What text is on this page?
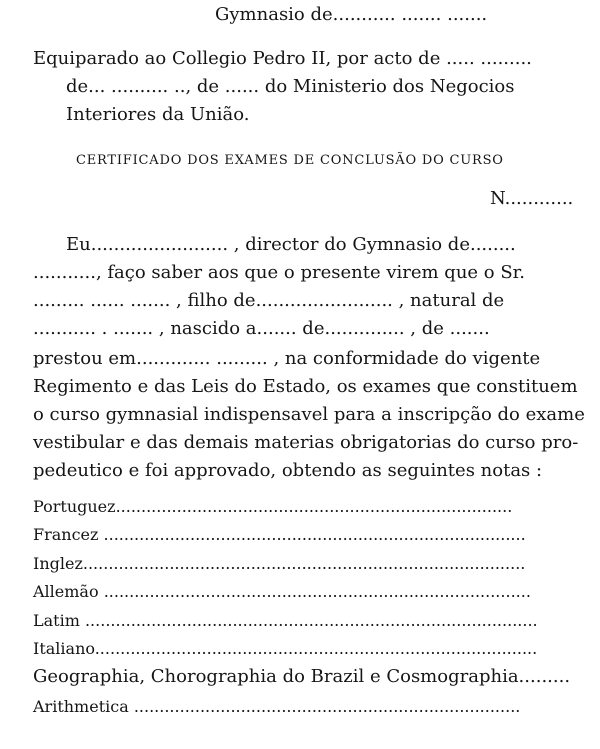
Gymnasio de........... ....... .......

Equiparado ao Collegio Pedro II, por acto de ..... .........

de... .......... .., de ...... do Ministerio dos Negocios

Interiores da União.

CERTIFICADO DOS EXAMES DE CONCLUSÃO DO CURSO

N............

Eu........................ , director do Gymnasio de........

..........., faço saber aos que o presente virem que o Sr.

......... ...... ....... , filho de........................ , natural de

........... . ....... , nascido a....... de.............. , de .......

prestou em............. ......... , na conformidade do vigente

Regimento e das Leis do Estado, os exames que constituem

o curso gymnasial indispensavel para a inscripção do exame

vestibular e das demais materias obrigatorias do curso pro-

pedeutico e foi approvado, obtendo as seguintes notas :

Portuguez..............................................................................

Francez ...................................................................................

Inglez.......................................................................................

Allemão ....................................................................................

Latim .........................................................................................

Italiano.......................................................................................

Geographia, Chorographia do Brazil e Cosmographia.........

Arithmetica ............................................................................
